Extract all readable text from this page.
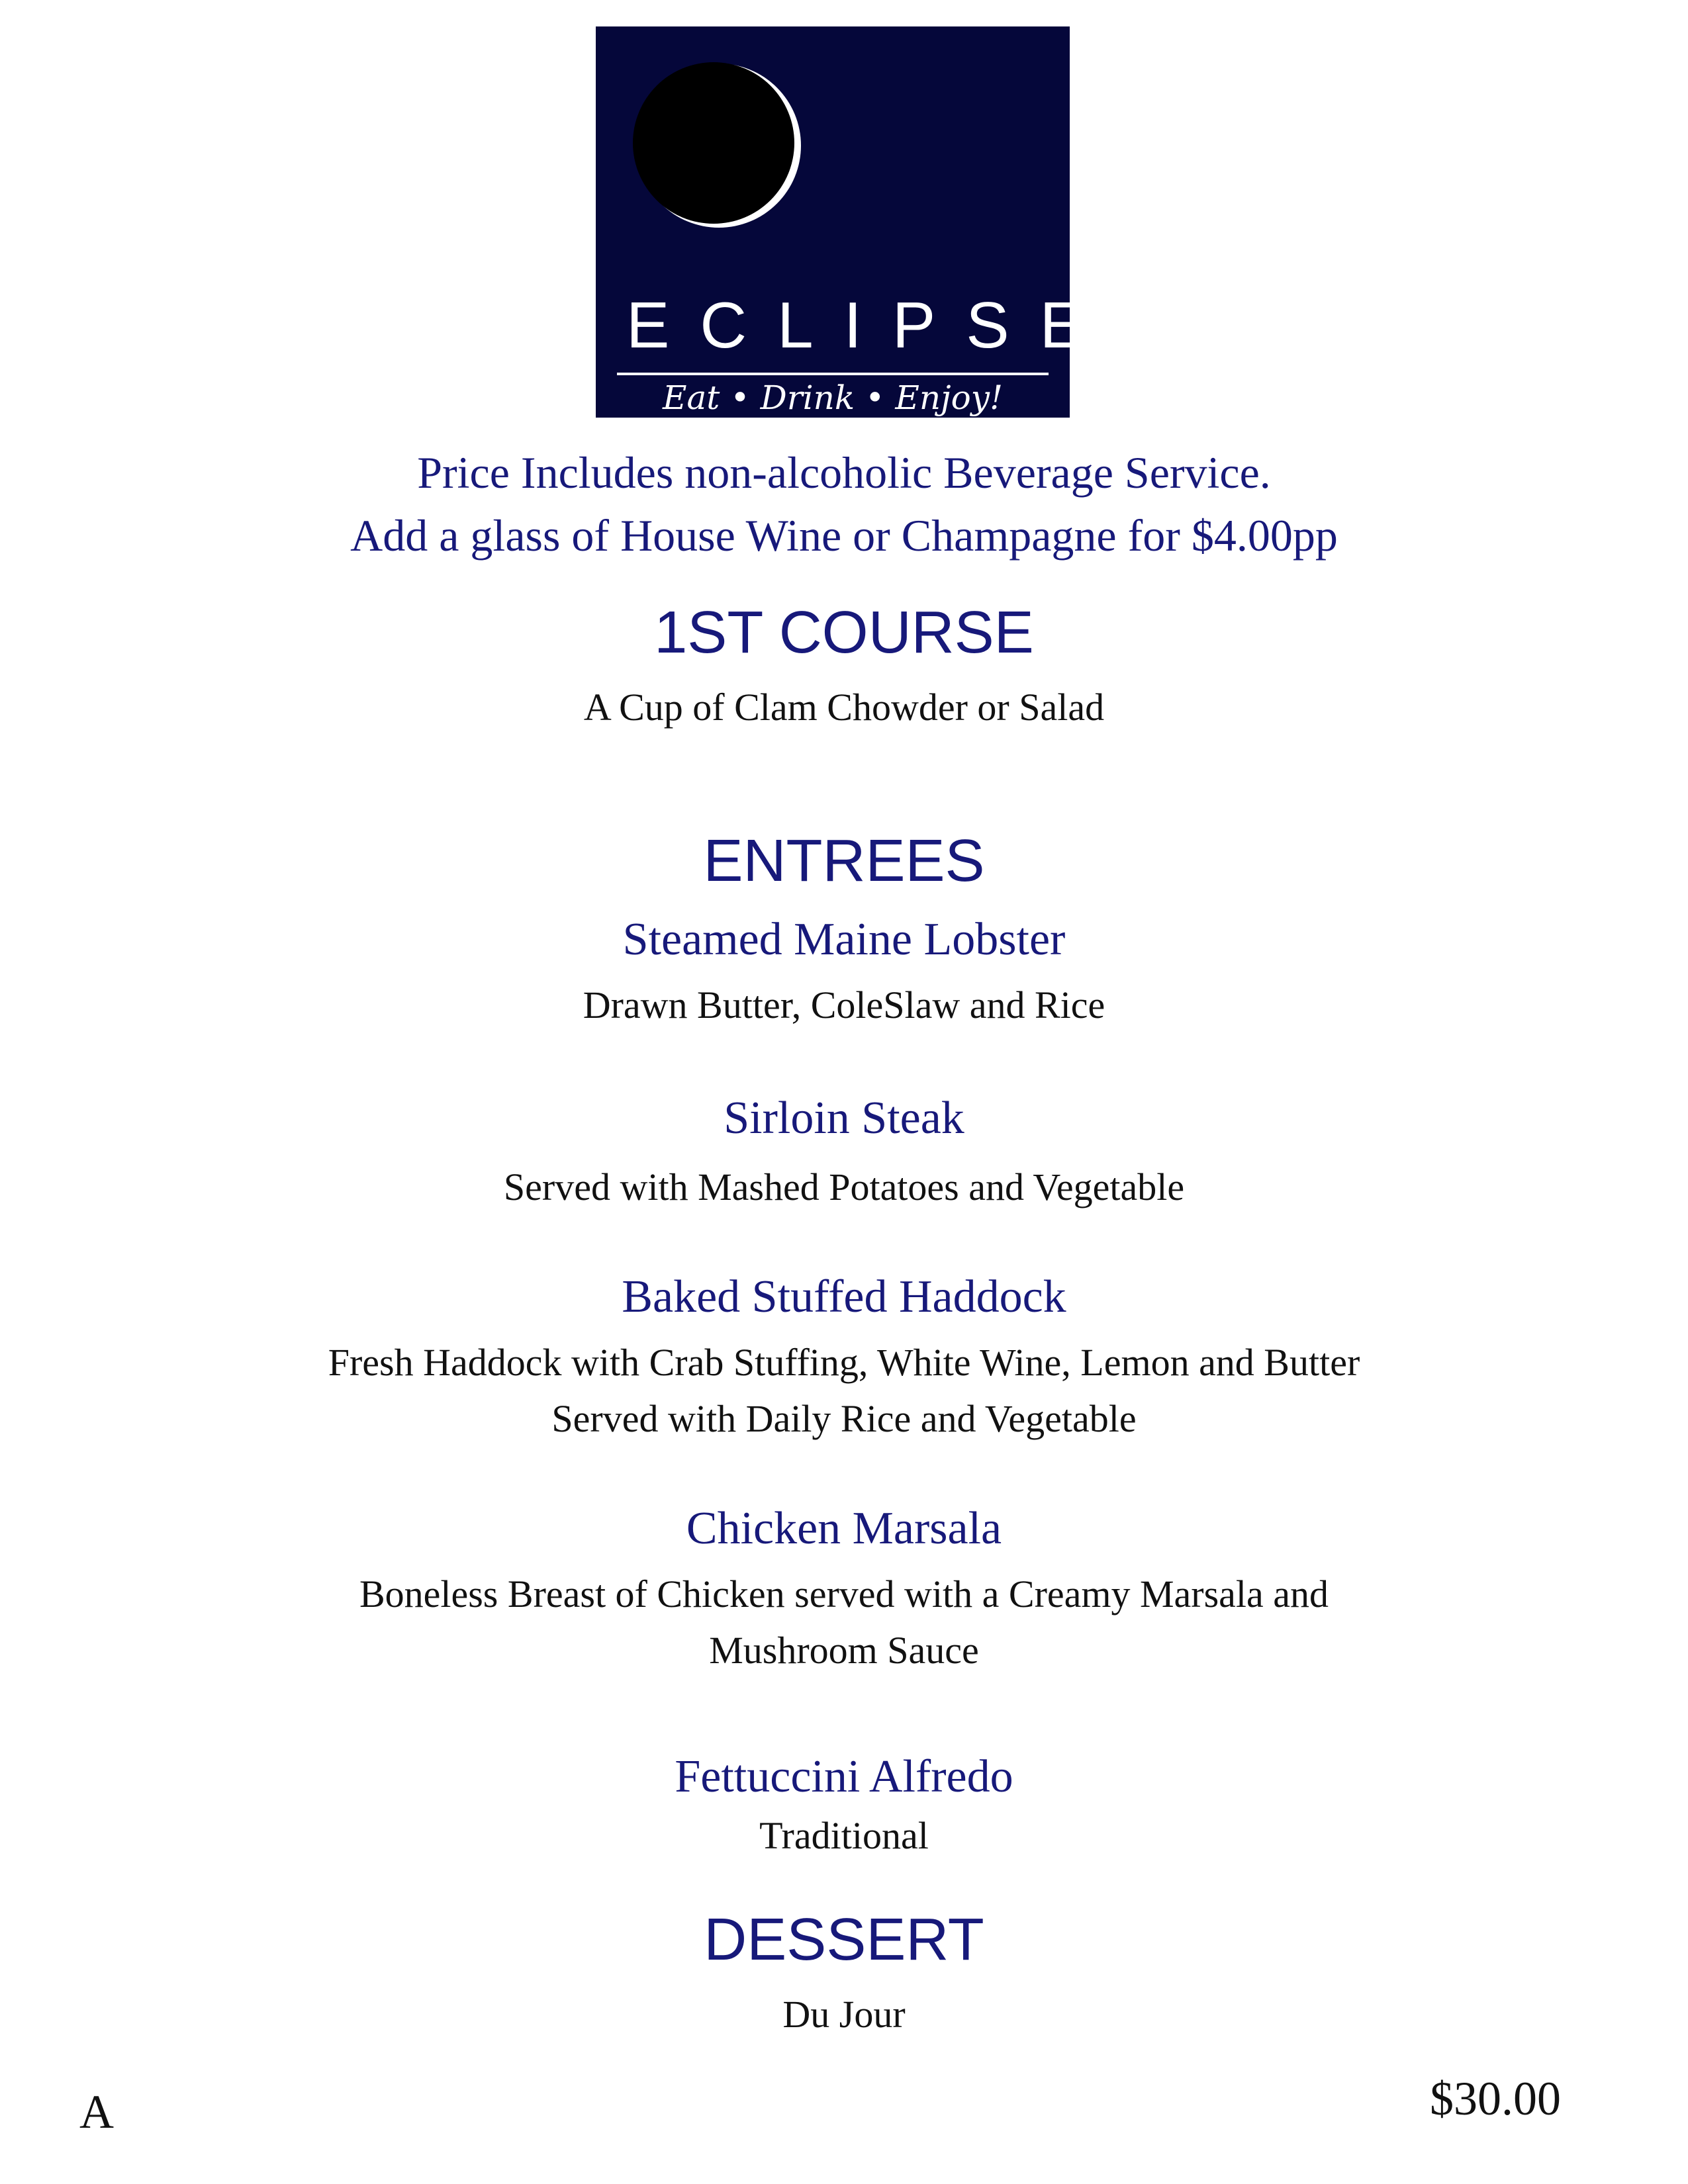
ECLIPSE
Eat • Drink • Enjoy!
Price Includes non-alcoholic Beverage Service.
Add a glass of House Wine or Champagne for $4.00pp
1ST COURSE
A Cup of Clam Chowder or Salad
ENTREES
Steamed Maine Lobster
Drawn Butter, ColeSlaw and Rice
Sirloin Steak
Served with Mashed Potatoes and Vegetable
Baked Stuffed Haddock
Fresh Haddock with Crab Stuffing, White Wine, Lemon and Butter
Served with Daily Rice and Vegetable
Chicken Marsala
Boneless Breast of Chicken served with a Creamy Marsala and
Mushroom Sauce
Fettuccini Alfredo
Traditional
DESSERT
Du Jour
A	$30.00
